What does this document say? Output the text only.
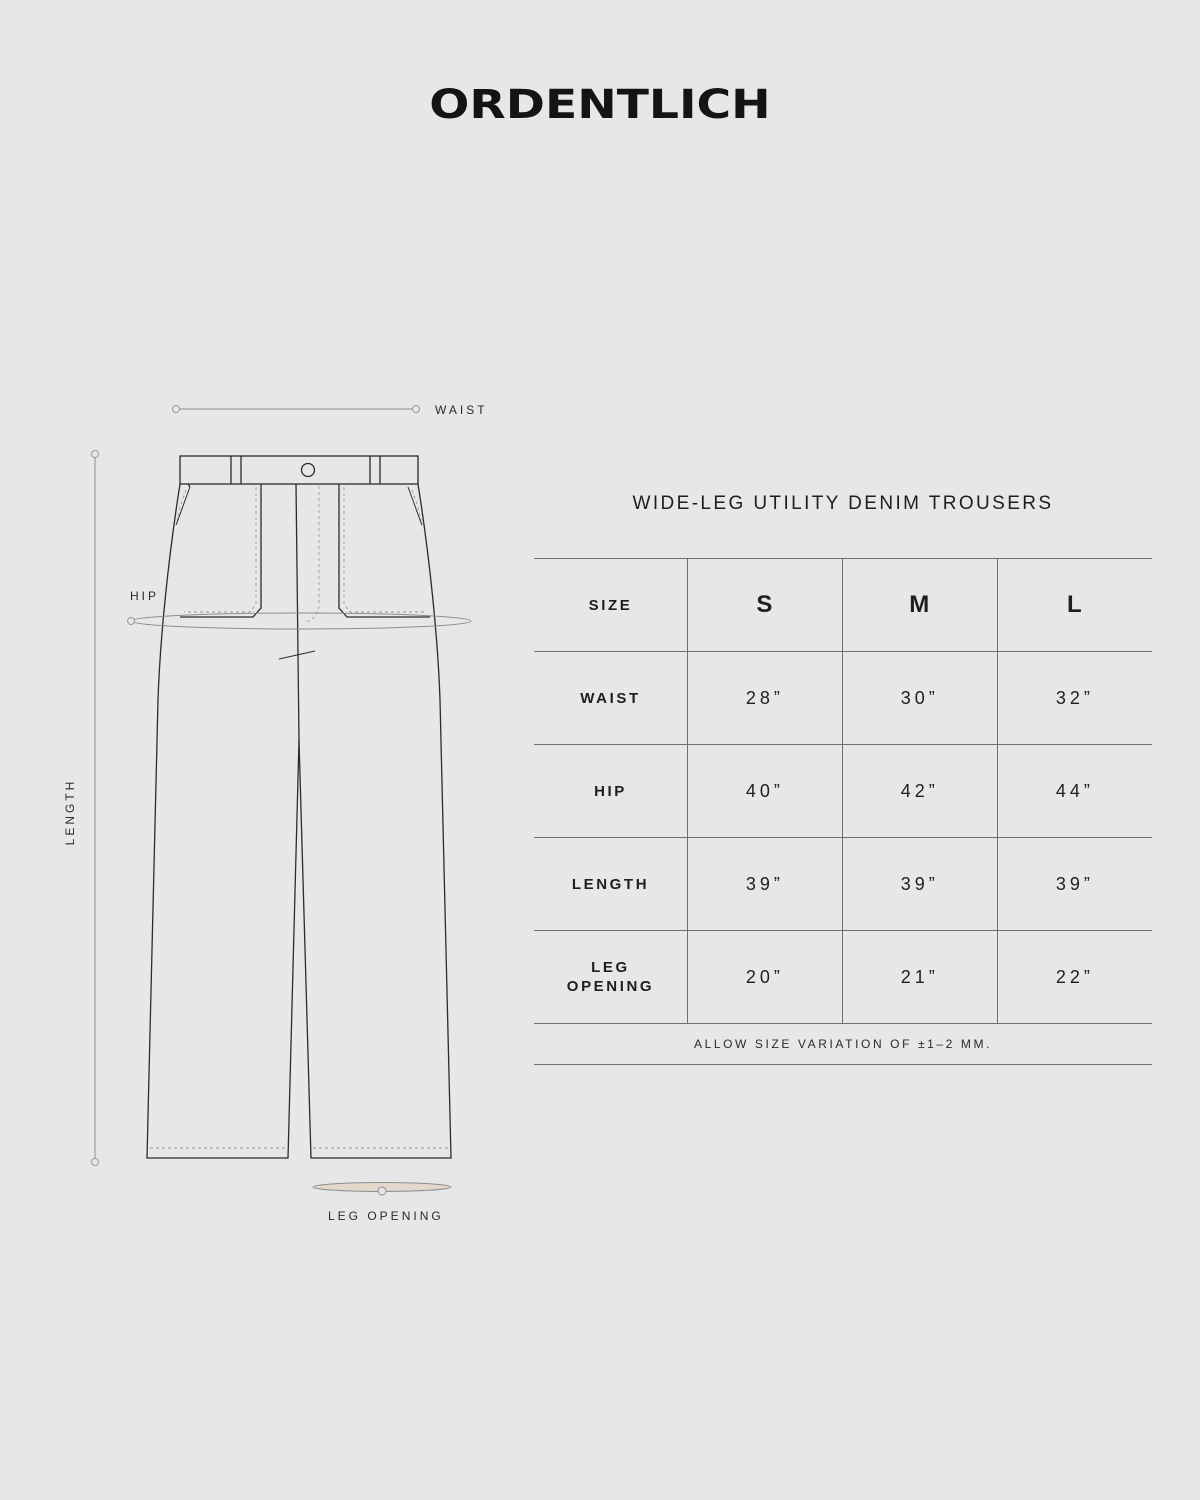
ORDENTLICH
WAIST
HIP
LENGTH
LEG OPENING
WIDE-LEG UTILITY DENIM TROUSERS
SIZE	S	M	L
WAIST	28”	30”	32”
HIP	40”	42”	44”
LENGTH	39”	39”	39”
LEG
OPENING	20”	21”	22”
ALLOW SIZE VARIATION OF ±1–2 MM.			
